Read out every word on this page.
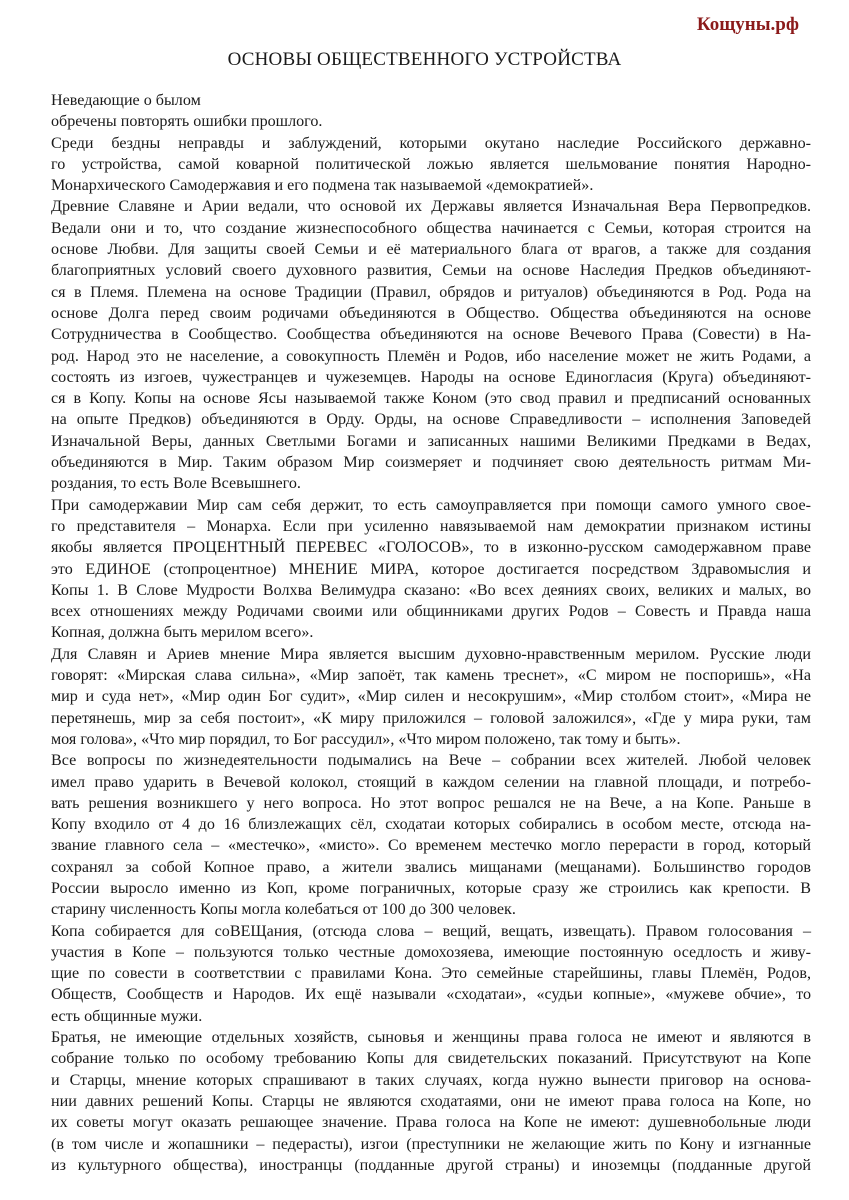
Кощуны.рф
ОСНОВЫ ОБЩЕСТВЕННОГО УСТРОЙСТВА
Неведающие о былом
обречены повторять ошибки прошлого.
Среди бездны неправды и заблуждений, которыми окутано наследие Российского державно-
го устройства, самой коварной политической ложью является шельмование понятия Народно-
Монархического Самодержавия и его подмена так называемой «демократией».
Древние Славяне и Арии ведали, что основой их Державы является Изначальная Вера Первопредков.
Ведали они и то, что создание жизнеспособного общества начинается с Семьи, которая строится на
основе Любви. Для защиты своей Семьи и её материального блага от врагов, а также для создания
благоприятных условий своего духовного развития, Семьи на основе Наследия Предков объединяют-
ся в Племя. Племена на основе Традиции (Правил, обрядов и ритуалов) объединяются в Род. Рода на
основе Долга перед своим родичами объединяются в Общество. Общества объединяются на основе
Сотрудничества в Сообщество. Сообщества объединяются на основе Вечевого Права (Совести) в На-
род. Народ это не население, а совокупность Племён и Родов, ибо население может не жить Родами, а
состоять из изгоев, чужестранцев и чужеземцев. Народы на основе Единогласия (Круга) объединяют-
ся в Копу. Копы на основе Ясы называемой также Коном (это свод правил и предписаний основанных
на опыте Предков) объединяются в Орду. Орды, на основе Справедливости – исполнения Заповедей
Изначальной Веры, данных Светлыми Богами и записанных нашими Великими Предками в Ведах,
объединяются в Мир. Таким образом Мир соизмеряет и подчиняет свою деятельность ритмам Ми-
роздания, то есть Воле Всевышнего.
При самодержавии Мир сам себя держит, то есть самоуправляется при помощи самого умного свое-
го представителя – Монарха. Если при усиленно навязываемой нам демократии признаком истины
якобы является ПРОЦЕНТНЫЙ ПЕРЕВЕС «ГОЛОСОВ», то в изконно-русском самодержавном праве
это ЕДИНОЕ (стопроцентное) МНЕНИЕ МИРА, которое достигается посредством Здравомыслия и
Копы 1. В Слове Мудрости Волхва Велимудра сказано: «Во всех деяниях своих, великих и малых, во
всех отношениях между Родичами своими или общинниками других Родов – Совесть и Правда наша
Копная, должна быть мерилом всего».
Для Славян и Ариев мнение Мира является высшим духовно-нравственным мерилом. Русские люди
говорят: «Мирская слава сильна», «Мир запоёт, так камень треснет», «С миром не поспоришь», «На
мир и суда нет», «Мир один Бог судит», «Мир силен и несокрушим», «Мир столбом стоит», «Мира не
перетянешь, мир за себя постоит», «К миру приложился – головой заложился», «Где у мира руки, там
моя голова», «Что мир порядил, то Бог рассудил», «Что миром положено, так тому и быть».
Все вопросы по жизнедеятельности подымались на Вече – собрании всех жителей. Любой человек
имел право ударить в Вечевой колокол, стоящий в каждом селении на главной площади, и потребо-
вать решения возникшего у него вопроса. Но этот вопрос решался не на Вече, а на Копе. Раньше в
Копу входило от 4 до 16 близлежащих сёл, сходатаи которых собирались в особом месте, отсюда на-
звание главного села – «местечко», «мисто». Со временем местечко могло перерасти в город, который
сохранял за собой Копное право, а жители звались мищанами (мещанами). Большинство городов
России выросло именно из Коп, кроме пограничных, которые сразу же строились как крепости. В
старину численность Копы могла колебаться от 100 до 300 человек.
Копа собирается для соВЕЩания, (отсюда слова – вещий, вещать, извещать). Правом голосования –
участия в Копе – пользуются только честные домохозяева, имеющие постоянную оседлость и живу-
щие по совести в соответствии с правилами Кона. Это семейные старейшины, главы Племён, Родов,
Обществ, Сообществ и Народов. Их ещё называли «сходатаи», «судьи копные», «мужеве обчие», то
есть общинные мужи.
Братья, не имеющие отдельных хозяйств, сыновья и женщины права голоса не имеют и являются в
собрание только по особому требованию Копы для свидетельских показаний. Присутствуют на Копе
и Старцы, мнение которых спрашивают в таких случаях, когда нужно вынести приговор на основа-
нии давних решений Копы. Старцы не являются сходатаями, они не имеют права голоса на Копе, но
их советы могут оказать решающее значение. Права голоса на Копе не имеют: душевнобольные люди
(в том числе и жопашники – педерасты), изгои (преступники не желающие жить по Кону и изгнанные
из культурного общества), иностранцы (подданные другой страны) и иноземцы (подданные другой
